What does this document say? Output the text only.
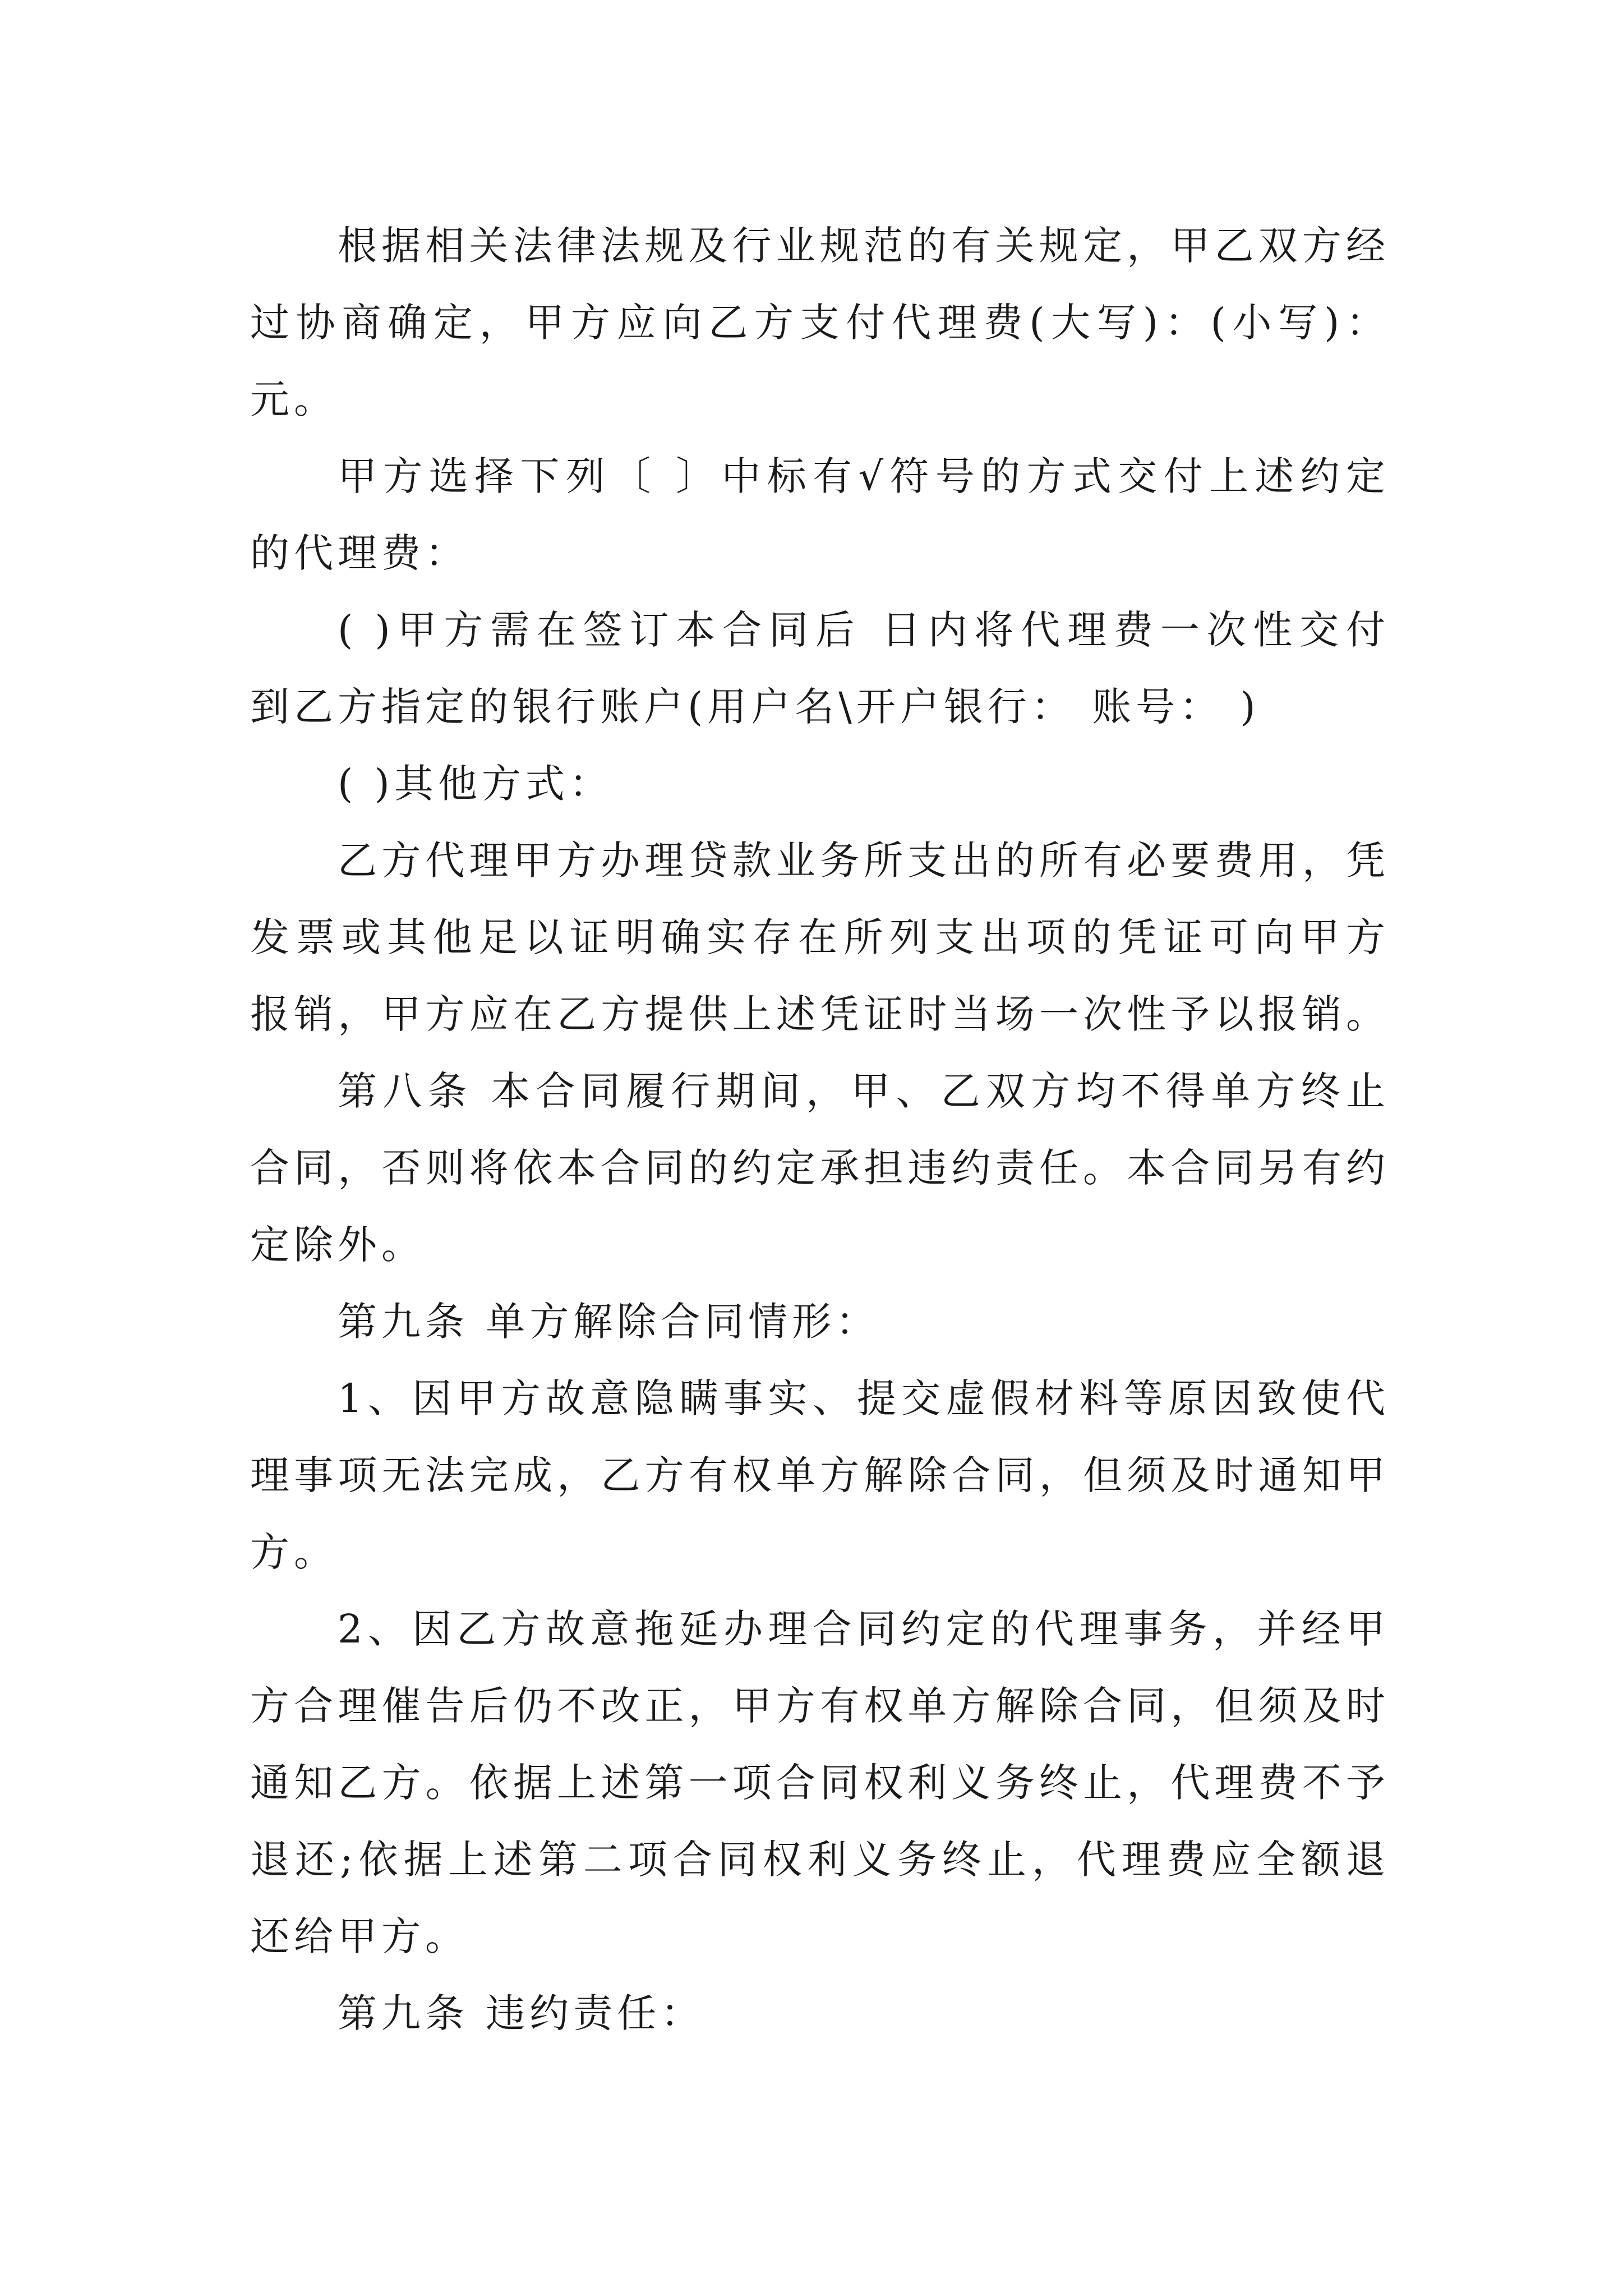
根据相关法律法规及行业规范的有关规定，甲乙双方经
过协商确定，甲方应向乙方支付代理费(大写)：(小写)：
元。
甲方选择下列〔 〕中标有√符号的方式交付上述约定
的代理费：
( )甲方需在签订本合同后 日内将代理费一次性交付
到乙方指定的银行账户(用户名\开户银行： 账号： )
( )其他方式：
乙方代理甲方办理贷款业务所支出的所有必要费用，凭
发票或其他足以证明确实存在所列支出项的凭证可向甲方
报销，甲方应在乙方提供上述凭证时当场一次性予以报销。
第八条 本合同履行期间，甲、乙双方均不得单方终止
合同，否则将依本合同的约定承担违约责任。本合同另有约
定除外。
第九条 单方解除合同情形：
1、因甲方故意隐瞒事实、提交虚假材料等原因致使代
理事项无法完成，乙方有权单方解除合同，但须及时通知甲
方。
2、因乙方故意拖延办理合同约定的代理事务，并经甲
方合理催告后仍不改正，甲方有权单方解除合同，但须及时
通知乙方。依据上述第一项合同权利义务终止，代理费不予
退还;依据上述第二项合同权利义务终止，代理费应全额退
还给甲方。
第九条 违约责任：
